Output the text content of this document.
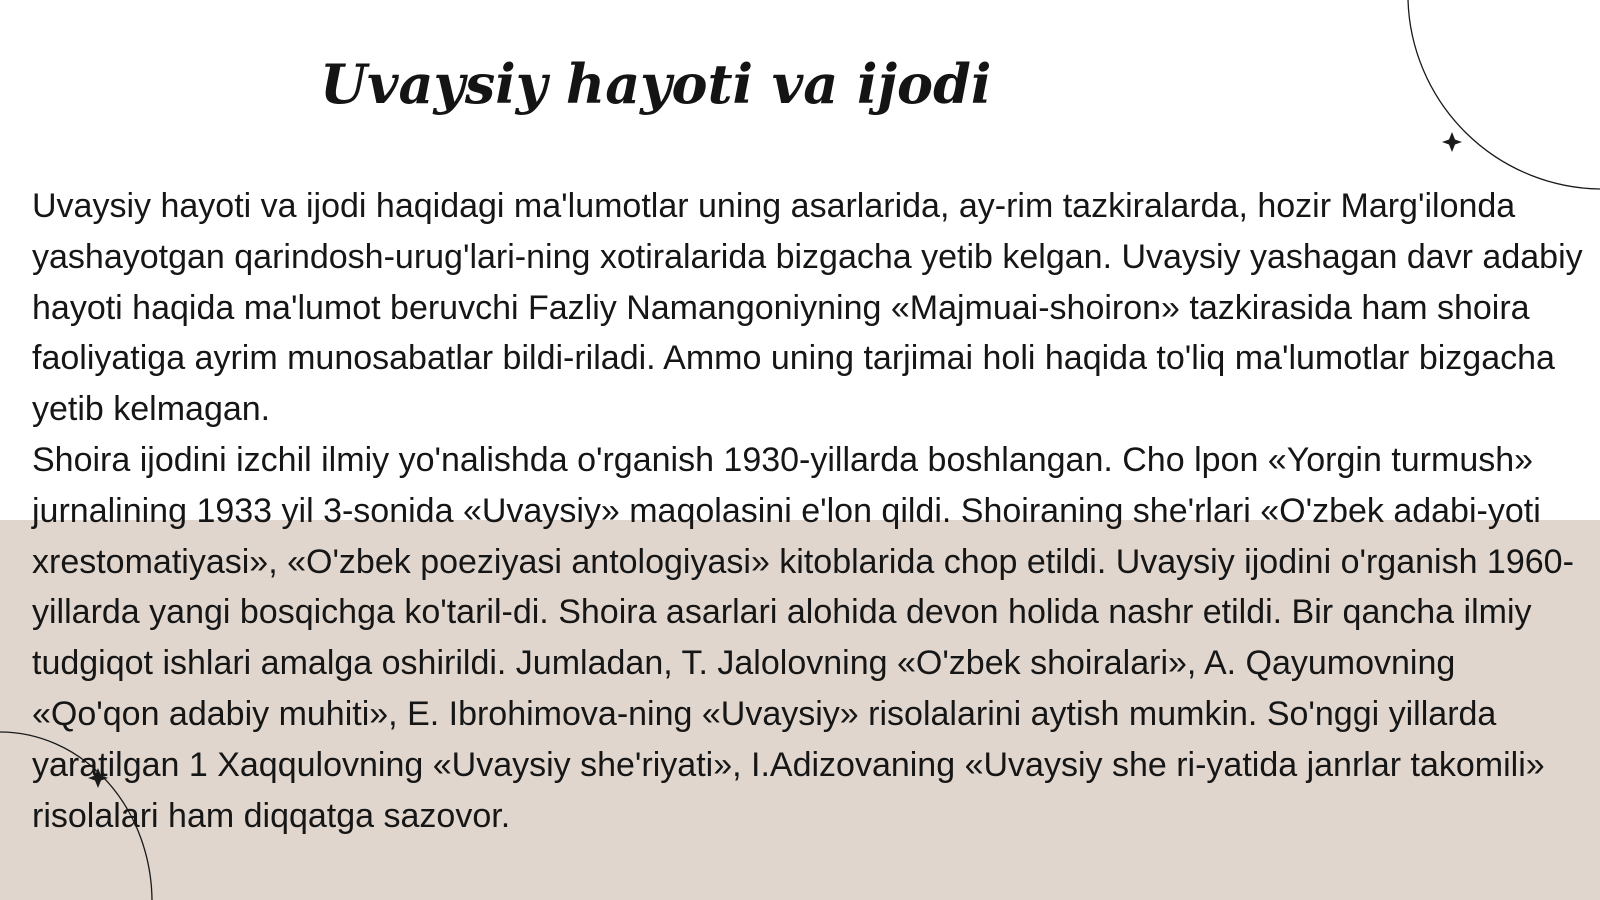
Uvaysiy hayoti va ijodi

Uvaysiy hayoti va ijodi haqidagi ma'lumotlar uning asarlarida, ay-rim tazkiralarda, hozir Marg'ilonda yashayotgan qarindosh-urug'lari-ning xotiralarida bizgacha yetib kelgan. Uvaysiy yashagan davr adabiy hayoti haqida ma'lumot beruvchi Fazliy Namangoniyning «Majmuai-shoiron» tazkirasida ham shoira faoliyatiga ayrim munosabatlar bildi-riladi. Ammo uning tarjimai holi haqida to'liq ma'lumotlar bizgacha yetib kelmagan.

Shoira ijodini izchil ilmiy yo'nalishda o'rganish 1930-yillarda boshlangan. Cho lpon «Yorgin turmush» jurnalining 1933 yil 3-sonida «Uvaysiy» maqolasini e'lon qildi. Shoiraning she'rlari «O'zbek adabi-yoti xrestomatiyasi», «O'zbek poeziyasi antologiyasi» kitoblarida chop etildi. Uvaysiy ijodini o'rganish 1960-yillarda yangi bosqichga ko'taril-di. Shoira asarlari alohida devon holida nashr etildi. Bir qancha ilmiy tudgiqot ishlari amalga oshirildi. Jumladan, T. Jalolovning «O'zbek shoiralari», A. Qayumovning «Qo'qon adabiy muhiti», E. Ibrohimova-ning «Uvaysiy» risolalarini aytish mumkin. So'nggi yillarda yaratilgan 1 Xaqqulovning «Uvaysiy she'riyati», I.Adizovaning «Uvaysiy she ri-yatida janrlar takomili» risolalari ham diqqatga sazovor.
